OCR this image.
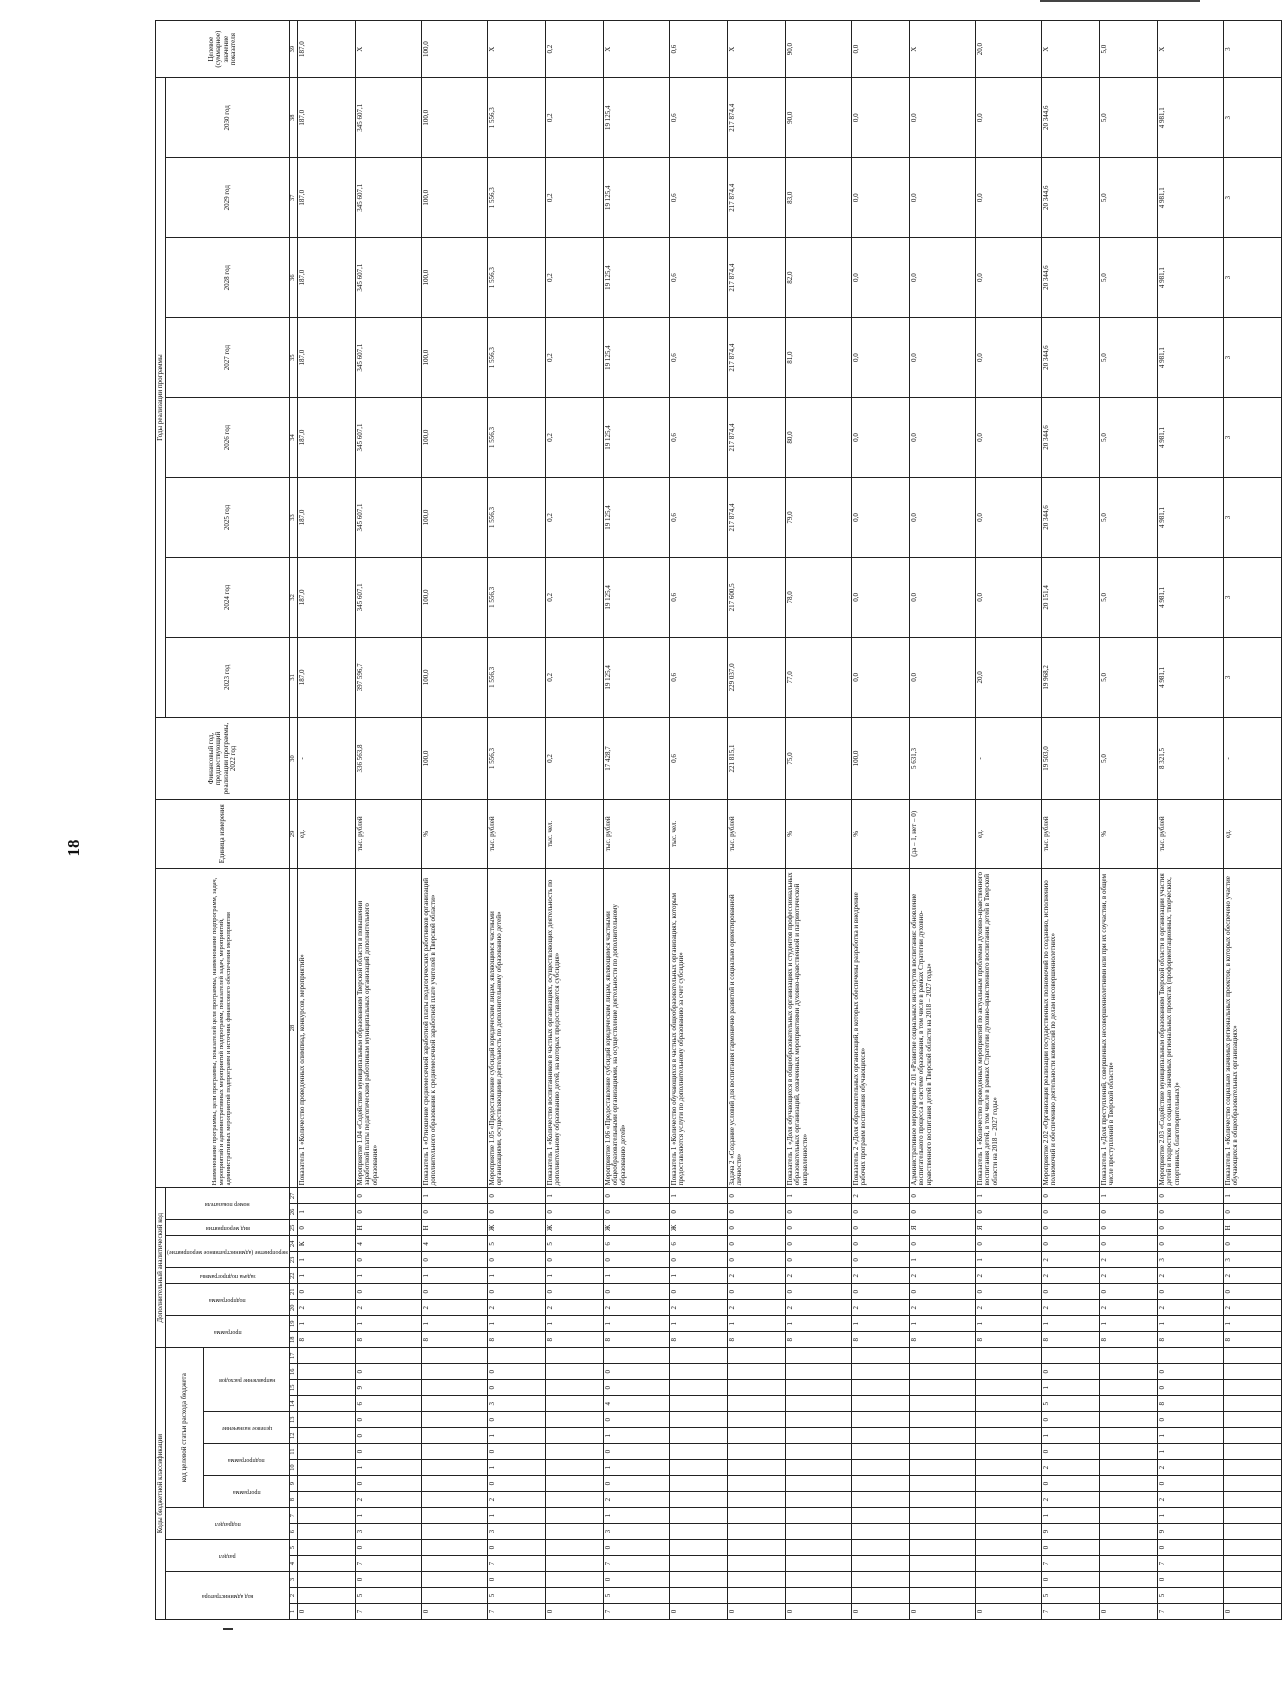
18
Коды бюджетной классификации																	Дополнительный аналитический код										Наименование программы, цели программы, показателей цели программы, наименование подпрограмм, задач, мероприятий и административных мероприятий подпрограмм, показателей задач, мероприятий, административных мероприятий подпрограмм и источник финансового обеспечения мероприятия	Единица измерения	Финансовый год, предшествующий реализации программы, 2022 год	Годы реализации программы								Целевое (суммарное) значение показателя

код администратора			раздел		подраздел		код целевой статьи расхода бюджета										программа		подпрограмма		задача подпрограммы	мероприятие (административное мероприятие)		вид мероприятия	номер показателя					2023 год	2024 год	2025 год	2026 год	2027 год	2028 год	2029 год	2030 год	

							программа		подпрограмма		целевое назначение		направление расходов																									

1	2	3	4	5	6	7	8	9	10	11	12	13	14	15	16	17	18	19	20	21	22	23	24	25	26	27	28	29	30	31	32	33	34	35	36	37	38	39
0																	8	1	2	0	1	1	К	0	1		Показатель 1 «Количество проведенных олимпиад, конкурсов, мероприятий»	ед.	-	187,0	187,0	187,0	187,0	187,0	187,0	187,0	187,0	187,0
7	5	0	7	0	3	1	2	0	1	0	0	0	6	9	0		8	1	2	0	1	0	4	Н	0	0	Мероприятие 1.04 «Содействие муниципальным образованиям Тверской области в повышении заработной платы педагогическим работникам муниципальных организаций дополнительного образования»	тыс. рублей	336 563,8	397 596,7	345 607,1	345 607,1	345 607,1	345 607,1	345 607,1	345 607,1	345 607,1	Х
0																	8	1	2	0	1	0	4	Н	0	1	Показатель 1 «Отношение среднемесячной заработной платы педагогических работников организаций дополнительного образования к среднемесячной заработной плате учителей в Тверской области»	%	100,0	100,0	100,0	100,0	100,0	100,0	100,0	100,0	100,0	100,0
7	5	0	7	0	3	1	2	0	1	0	1	0	3	0	0		8	1	2	0	1	0	5	Ж	0	0	Мероприятие 1.05 «Предоставление субсидий юридическим лицам, являющимся частными организациями, осуществляющими деятельность по дополнительному образованию детей»	тыс. рублей	1 556,3	1 556,3	1 556,3	1 556,3	1 556,3	1 556,3	1 556,3	1 556,3	1 556,3	Х
0																	8	1	2	0	1	0	5	Ж	0	1	Показатель 1 «Количество воспитанников в частных организациях, осуществляющих деятельность по дополнительному образованию детей, на которых предоставляется субсидия»	тыс. чел.	0,2	0,2	0,2	0,2	0,2	0,2	0,2	0,2	0,2	0,2
7	5	0	7	0	3	1	2	0	1	0	1	0	4	0	0		8	1	2	0	1	0	6	Ж	0	0	Мероприятие 1.06 «Предоставление субсидий юридическим лицам, являющимся частными общеобразовательными организациями, на осуществление деятельности по дополнительному образованию детей»	тыс. рублей	17 428,7	19 125,4	19 125,4	19 125,4	19 125,4	19 125,4	19 125,4	19 125,4	19 125,4	Х
0																	8	1	2	0	1	0	6	Ж	0	1	Показатель 1 «Количество обучающихся в частных общеобразовательных организациях, которым предоставляются услуги по дополнительному образованию за счет субсидии»	тыс. чел.	0,6	0,6	0,6	0,6	0,6	0,6	0,6	0,6	0,6	0,6
0																	8	1	2	0	2	0	0	0	0	0	Задача 2 «Создание условий для воспитания гармонично развитой и социально ориентированной личности»	тыс. рублей	221 815,1	229 037,0	217 600,5	217 874,4	217 874,4	217 874,4	217 874,4	217 874,4	217 874,4	Х
0																	8	1	2	0	2	0	0	0	0	1	Показатель 1 «Доля обучающихся в общеобразовательных организациях и студентов профессиональных образовательных организаций, охваченных мероприятиями духовно-нравственной и патриотической направленности»	%	75,0	77,0	78,0	79,0	80,0	81,0	82,0	83,0	90,0	90,0
0																	8	1	2	0	2	0	0	0	0	2	Показатель 2 «Доля образовательных организаций, в которых обеспечены разработка и внедрение рабочих программ воспитания обучающихся»	%	100,0	0,0	0,0	0,0	0,0	0,0	0,0	0,0	0,0	0,0
0																	8	1	2	0	2	1	0	Я	0	0	Административное мероприятие 2.01 «Развитие социальных институтов воспитания: обновление воспитательного процесса в системе образования, в том числе в рамках Стратегии духовно-нравственного воспитания детей в Тверской области на 2018 – 2027 годы»	(да – 1, нет – 0)	5 631,3	0,0	0,0	0,0	0,0	0,0	0,0	0,0	0,0	Х
0																	8	1	2	0	2	1	0	Я	0	1	Показатель 1 «Количество проведенных мероприятий по актуальным проблемам духовно-нравственного воспитания детей, в том числе в рамках Стратегии духовно-нравственного воспитания детей в Тверской области на 2018 – 2027 годы»	ед.	-	20,0	0,0	0,0	0,0	0,0	0,0	0,0	0,0	20,0
7	5	0	7	0	9	1	2	0	2	0	1	0	5	1	0		8	1	2	0	2	2	0	0	0	0	Мероприятие 2.02 «Организация реализации государственных полномочий по созданию, исполнению полномочий и обеспечению деятельности комиссий по делам несовершеннолетних»	тыс. рублей	19 503,0	19 968,2	20 151,4	20 344,6	20 344,6	20 344,6	20 344,6	20 344,6	20 344,6	Х
0																	8	1	2	0	2	2	0	0	0	1	Показатель 1 «Доля преступлений, совершенных несовершеннолетними или при их соучастии, в общем числе преступлений в Тверской области»	%	5,0	5,0	5,0	5,0	5,0	5,0	5,0	5,0	5,0	5,0
7	5	0	7	0	9	1	2	0	2	1	1	0	8	0	0		8	1	2	0	2	3	0	0	0	0	Мероприятие 2.03 «Содействие муниципальным образованиям Тверской области в организации участия детей и подростков в социально значимых региональных проектах (профориентационных, творческих, спортивных, благотворительных)»	тыс. рублей	8 321,5	4 981,1	4 981,1	4 981,1	4 981,1	4 981,1	4 981,1	4 981,1	4 981,1	Х
0																	8	1	2	0	2	3	0	Н	0	1	Показатель 1 «Количество социально значимых региональных проектов, в которых обеспечено участие обучающихся в общеобразовательных организациях»	ед.	-	3	3	3	3	3	3	3	3	3
